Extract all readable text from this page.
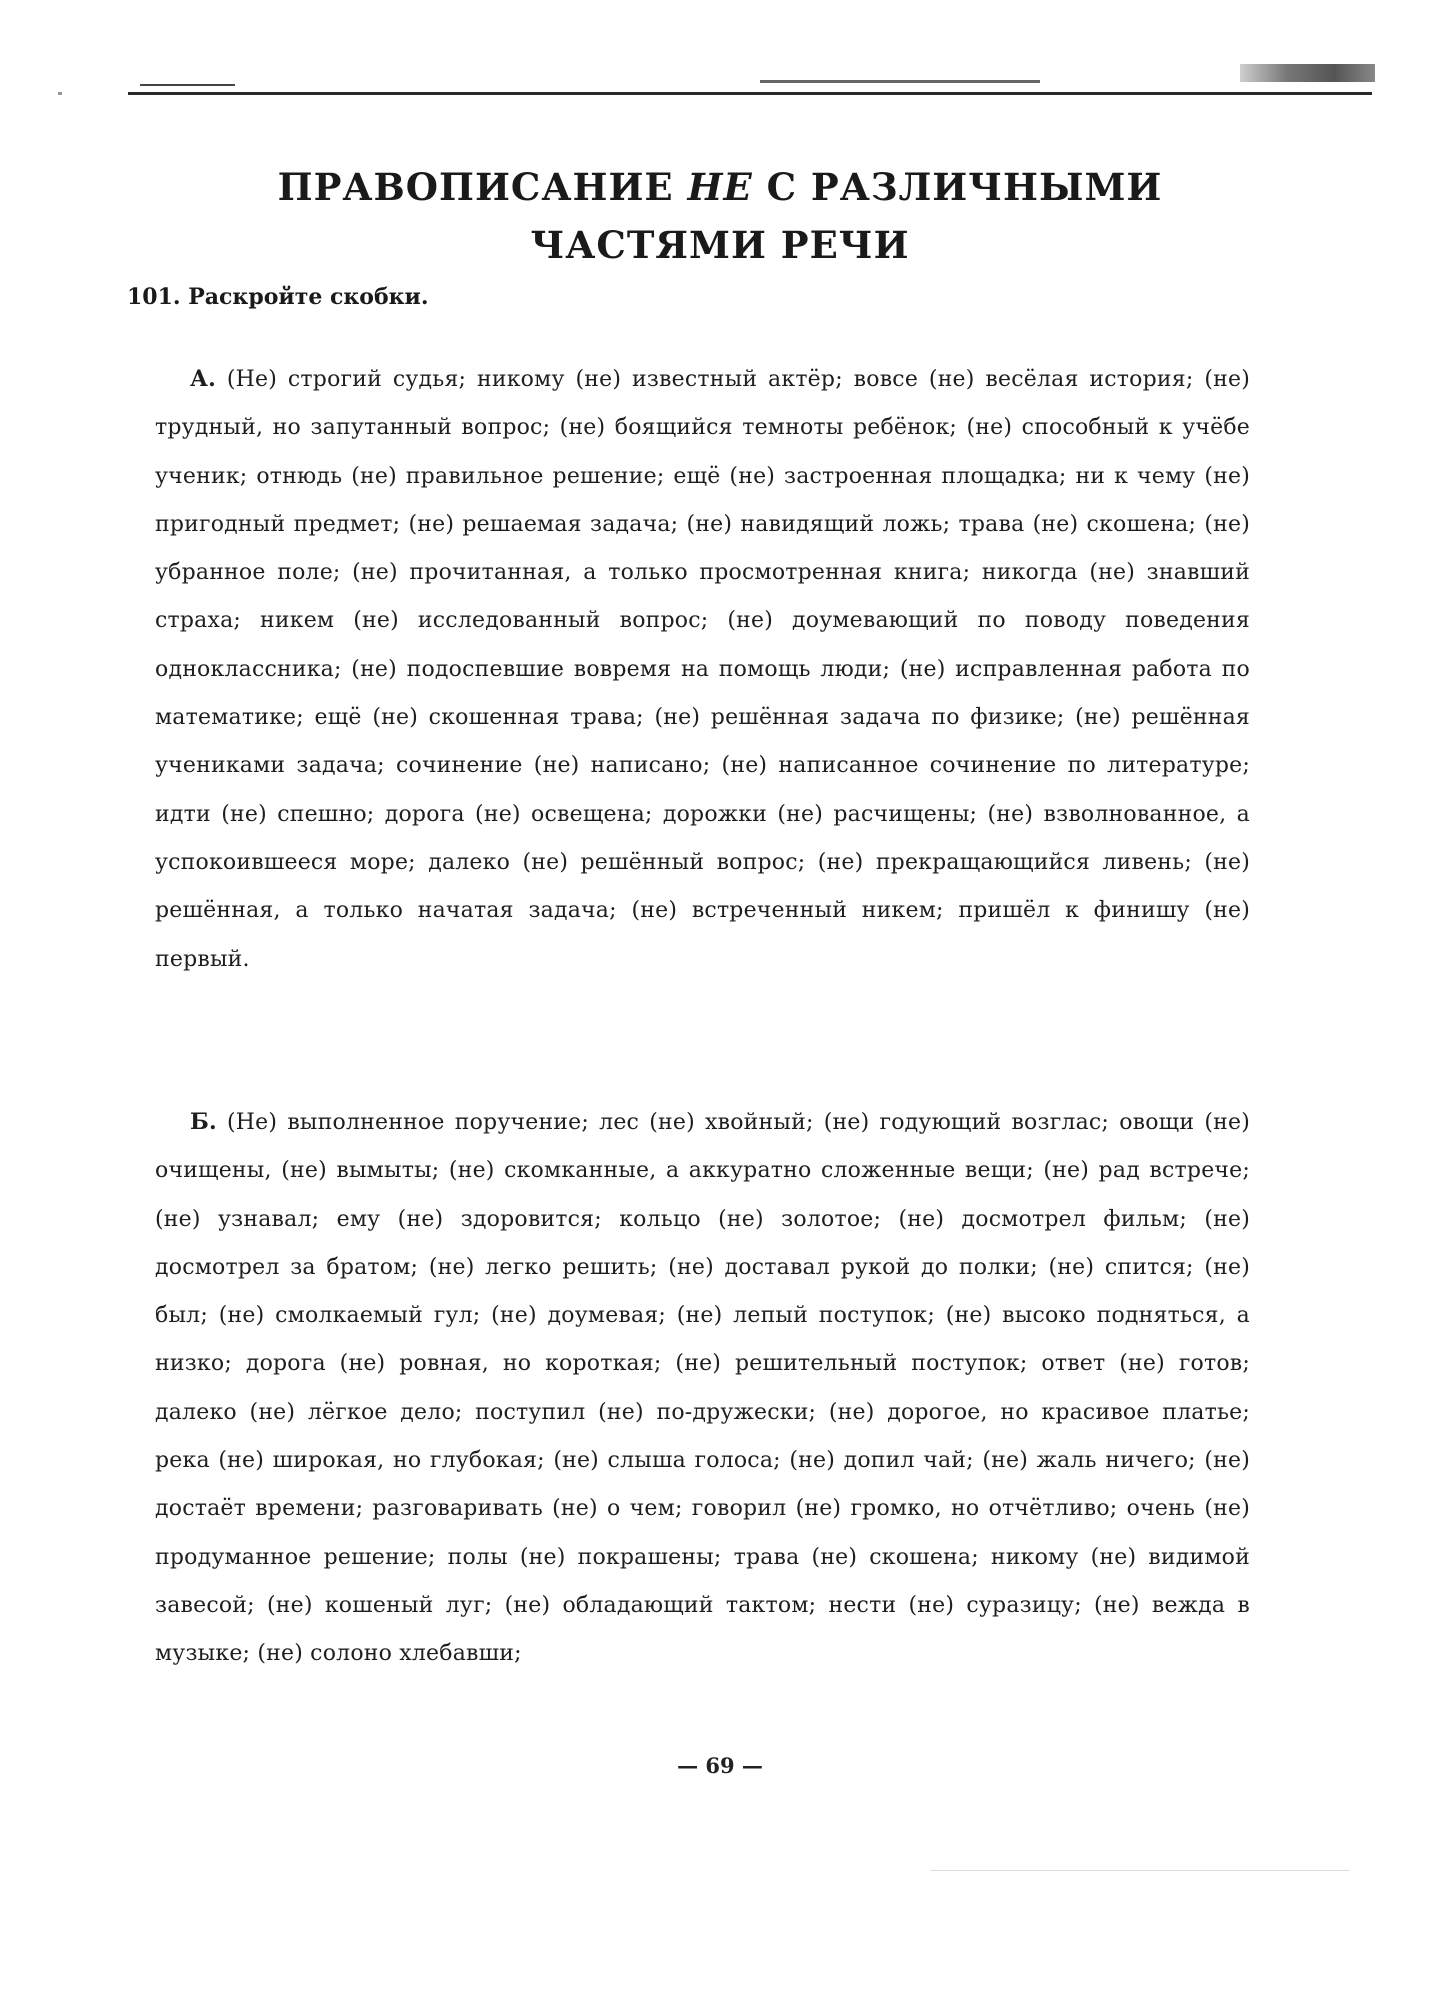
ПРАВОПИСАНИЕ НЕ С РАЗЛИЧНЫМИ
ЧАСТЯМИ РЕЧИ
101. Раскройте скобки.

А. (Не) строгий судья; никому (не) известный актёр; вовсе (не) весёлая история; (не) трудный, но запутанный вопрос; (не) боящийся темноты ребёнок; (не) способный к учёбе ученик; отнюдь (не) правильное решение; ещё (не) застроенная площадка; ни к чему (не) пригодный предмет; (не) решаемая задача; (не) навидящий ложь; трава (не) скошена; (не) убранное поле; (не) прочитанная, а только просмотренная книга; никогда (не) знавший страха; никем (не) исследованный вопрос; (не) доумевающий по поводу поведения одноклассника; (не) подоспевшие вовремя на помощь люди; (не) исправленная работа по математике; ещё (не) скошенная трава; (не) решённая задача по физике; (не) решённая учениками задача; сочинение (не) написано; (не) написанное сочинение по литературе; идти (не) спешно; дорога (не) освещена; дорожки (не) расчищены; (не) взволнованное, а успокоившееся море; далеко (не) решённый вопрос; (не) прекращающийся ливень; (не) решённая, а только начатая задача; (не) встреченный никем; пришёл к финишу (не) первый.

Б. (Не) выполненное поручение; лес (не) хвойный; (не) годующий возглас; овощи (не) очищены, (не) вымыты; (не) скомканные, а аккуратно сложенные вещи; (не) рад встрече; (не) узнавал; ему (не) здоровится; кольцо (не) золотое; (не) досмотрел фильм; (не) досмотрел за братом; (не) легко решить; (не) доставал рукой до полки; (не) спится; (не) был; (не) смолкаемый гул; (не) доумевая; (не) лепый поступок; (не) высоко подняться, а низко; дорога (не) ровная, но короткая; (не) решительный поступок; ответ (не) готов; далеко (не) лёгкое дело; поступил (не) по-дружески; (не) дорогое, но красивое платье; река (не) широкая, но глубокая; (не) слыша голоса; (не) допил чай; (не) жаль ничего; (не) достаёт времени; разговаривать (не) о чем; говорил (не) громко, но отчётливо; очень (не) продуманное решение; полы (не) покрашены; трава (не) скошена; никому (не) видимой завесой; (не) кошеный луг; (не) обладающий тактом; нести (не) суразицу; (не) вежда в музыке; (не) солоно хлебавши;

— 69 —
